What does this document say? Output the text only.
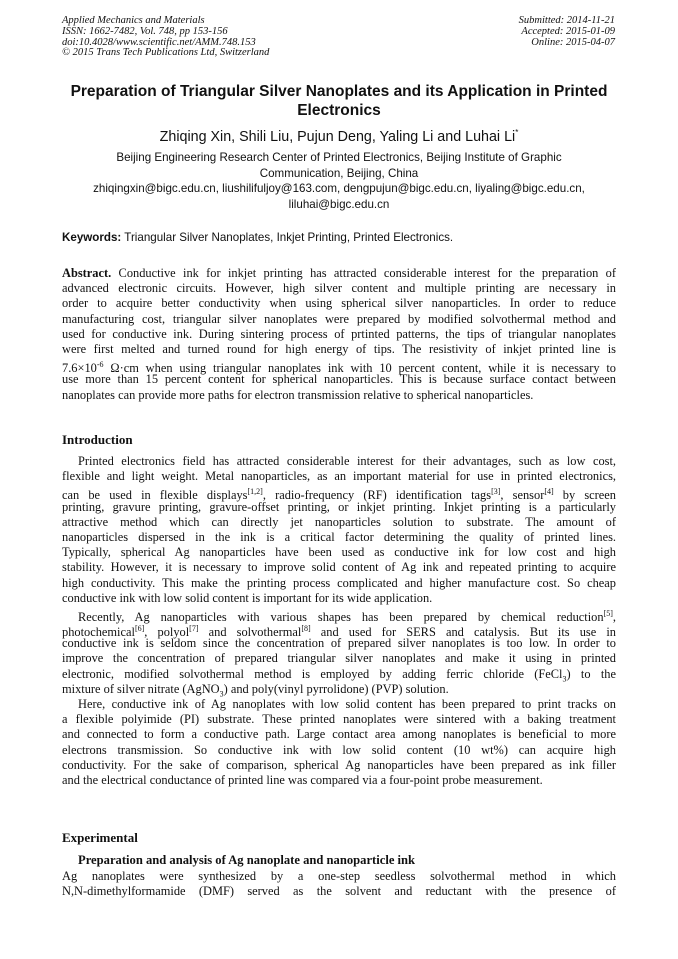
Applied Mechanics and Materials
ISSN: 1662-7482, Vol. 748, pp 153-156
doi:10.4028/www.scientific.net/AMM.748.153
© 2015 Trans Tech Publications Ltd, Switzerland
Submitted: 2014-11-21
Accepted: 2015-01-09
Online: 2015-04-07
Preparation of Triangular Silver Nanoplates and its Application in Printed Electronics
Zhiqing Xin, Shili Liu, Pujun Deng, Yaling Li and Luhai Li*
Beijing Engineering Research Center of Printed Electronics, Beijing Institute of Graphic
Communication, Beijing, China
zhiqingxin@bigc.edu.cn, liushilifuljoy@163.com, dengpujun@bigc.edu.cn, liyaling@bigc.edu.cn,
liluhai@bigc.edu.cn
Keywords: Triangular Silver Nanoplates, Inkjet Printing, Printed Electronics.
Abstract. Conductive ink for inkjet printing has attracted considerable interest for the preparation of
advanced electronic circuits. However, high silver content and multiple printing are necessary in
order to acquire better conductivity when using spherical silver nanoparticles. In order to reduce
manufacturing cost, triangular silver nanoplates were prepared by modified solvothermal method and
used for conductive ink. During sintering process of prtinted patterns, the tips of triangular nanoplates
were first melted and turned round for high energy of tips. The resistivity of inkjet printed line is
$7.6\times 10^{-6}$ Ω·cm when using triangular nanoplates ink with 10 percent content, while it is necessary to
use more than 15 percent content for spherical nanoparticles. This is because surface contact between
nanoplates can provide more paths for electron transmission relative to spherical nanoparticles.
Introduction
Printed electronics field has attracted considerable interest for their advantages, such as low cost,
flexible and light weight. Metal nanoparticles, as an important material for use in printed electronics,
can be used in flexible displays[1,2], radio-frequency (RF) identification tags[3], sensor[4] by screen
printing, gravure printing, gravure-offset printing, or inkjet printing. Inkjet printing is a particularly
attractive method which can directly jet nanoparticles solution to substrate. The amount of
nanoparticles dispersed in the ink is a critical factor determining the quality of printed lines.
Typically, spherical Ag nanoparticles have been used as conductive ink for low cost and high
stability. However, it is necessary to improve solid content of Ag ink and repeated printing to acquire
high conductivity. This make the printing process complicated and higher manufacture cost. So cheap
conductive ink with low solid content is important for its wide application.
Recently, Ag nanoparticles with various shapes has been prepared by chemical reduction[5],
photochemical[6], polyol[7] and solvothermal[8] and used for SERS and catalysis. But its use in
conductive ink is seldom since the concentration of prepared silver nanoplates is too low. In order to
improve the concentration of prepared triangular silver nanoplates and make it using in printed
electronic, modified solvothermal method is employed by adding ferric chloride (FeCl$_3$) to the
mixture of silver nitrate (AgNO$_3$) and poly(vinyl pyrrolidone) (PVP) solution.
Here, conductive ink of Ag nanoplates with low solid content has been prepared to print tracks on
a flexible polyimide (PI) substrate. These printed nanoplates were sintered with a baking treatment
and connected to form a conductive path. Large contact area among nanoplates is beneficial to more
electrons transmission. So conductive ink with low solid content (10 wt%) can acquire high
conductivity. For the sake of comparison, spherical Ag nanoparticles have been prepared as ink filler
and the electrical conductance of printed line was compared via a four-point probe measurement.
Experimental
Preparation and analysis of Ag nanoplate and nanoparticle ink
Ag nanoplates were synthesized by a one-step seedless solvothermal method in which
N,N-dimethylformamide (DMF) served as the solvent and reductant with the presence of
